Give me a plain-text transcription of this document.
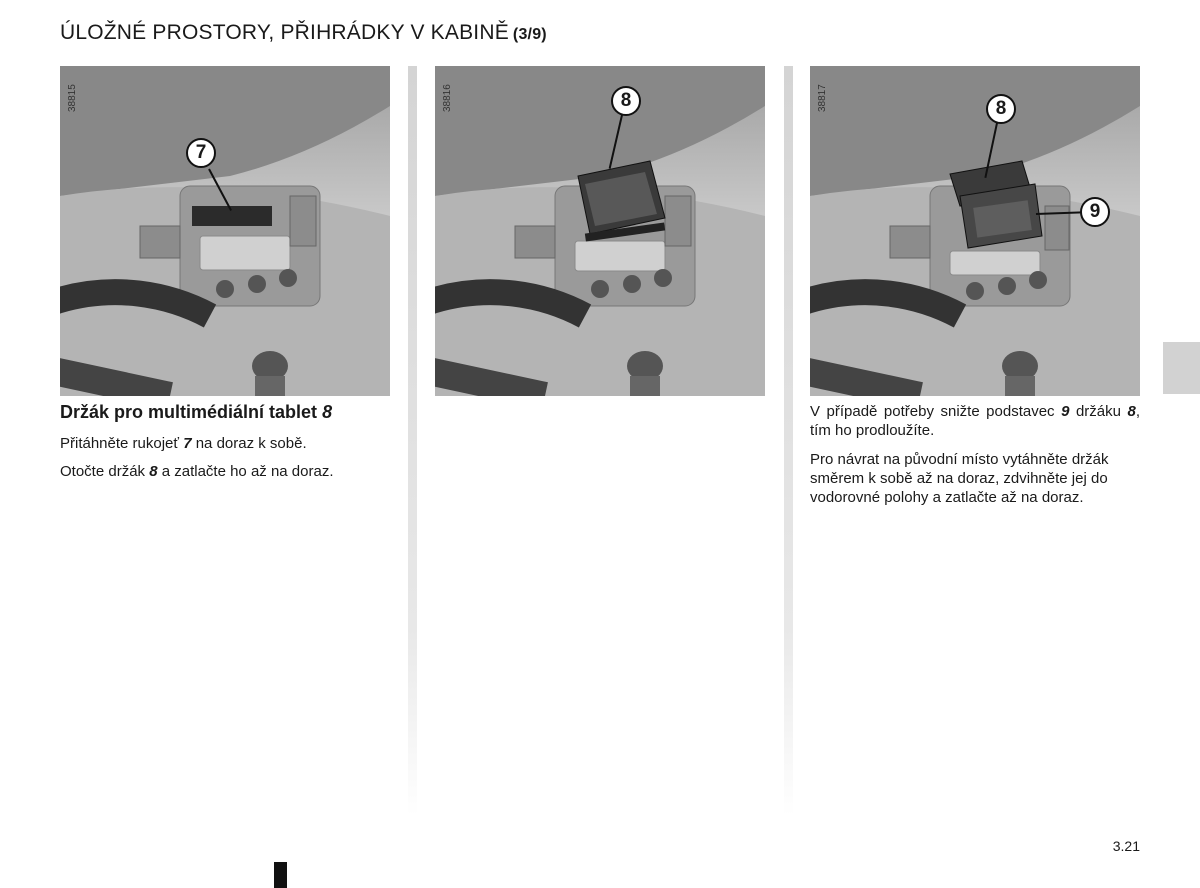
ÚLOŽNÉ PROSTORY, PŘIHRÁDKY V KABINĚ (3/9)
38815
7
38816	8	38817	8
9
Držák pro multimédiální tablet 8

Přitáhněte rukojeť 7 na doraz k sobě.

Otočte držák 8 a zatlačte ho až na doraz.

V případě potřeby snižte podstavec 9 držáku 8, tím ho prodloužíte.

Pro návrat na původní místo vytáhněte držák směrem k sobě až na doraz, zdvihněte jej do vodorovné polohy a zatlačte až na doraz.

3.21
